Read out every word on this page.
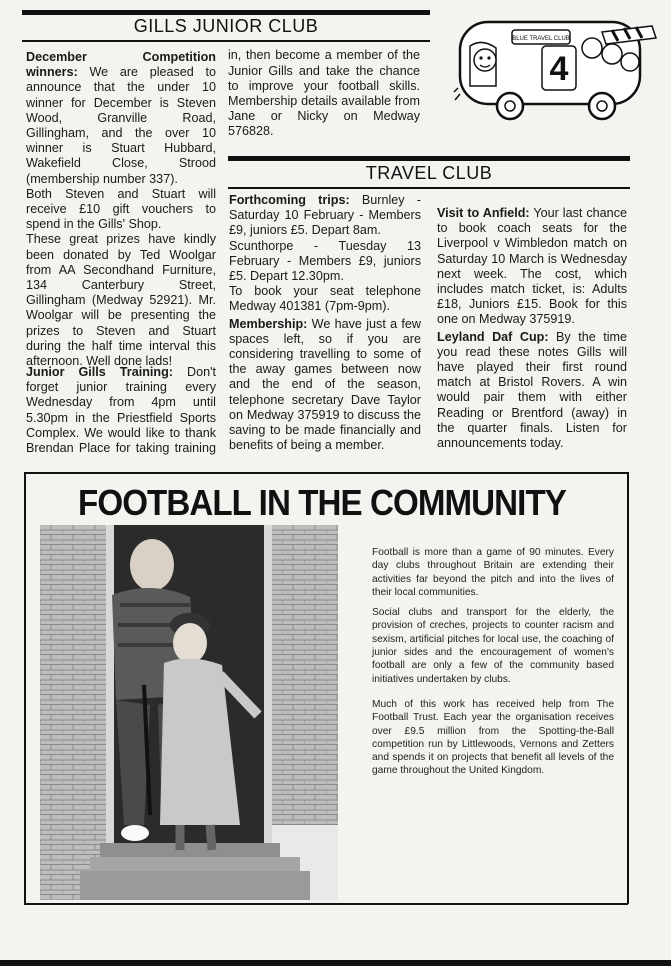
GILLS JUNIOR CLUB

December Competition winners: We are pleased to announce that the under 10 winner for December is Steven Wood, Granville Road, Gillingham, and the over 10 winner is Stuart Hubbard, Wakefield Close, Strood (membership number 337).

Both Steven and Stuart will receive £10 gift vouchers to spend in the Gills' Shop.

These great prizes have kindly been donated by Ted Woolgar from AA Secondhand Furniture, 134 Canterbury Street, Gillingham (Medway 52921). Mr. Woolgar will be presenting the prizes to Steven and Stuart during the half time interval this afternoon. Well done lads!

Junior Gills Training: Don't forget junior training every Wednesday from 4pm until 5.30pm in the Priestfield Sports Complex. We would like to thank Brendan Place for taking training

in, then become a member of the Junior Gills and take the chance to improve your football skills. Membership details available from Jane or Nicky on Medway 576828.

BLUE TRAVEL CLUB
4
TRAVEL CLUB

Forthcoming trips: Burnley - Saturday 10 February - Members £9, juniors £5. Depart 8am.

Scunthorpe - Tuesday 13 February - Members £9, juniors £5. Depart 12.30pm.

To book your seat telephone Medway 401381 (7pm-9pm).

Membership: We have just a few spaces left, so if you are considering travelling to some of the away games between now and the end of the season, telephone secretary Dave Taylor on Medway 375919 to discuss the saving to be made financially and benefits of being a member.

Visit to Anfield: Your last chance to book coach seats for the Liverpool v Wimbledon match on Saturday 10 March is Wednesday next week. The cost, which includes match ticket, is: Adults £18, Juniors £15. Book for this one on Medway 375919.

Leyland Daf Cup: By the time you read these notes Gills will have played their first round match at Bristol Rovers. A win would pair them with either Reading or Brentford (away) in the quarter finals. Listen for announcements today.

FOOTBALL IN THE COMMUNITY

Football is more than a game of 90 minutes. Every day clubs throughout Britain are extending their activities far beyond the pitch and into the lives of their local communities.

Social clubs and transport for the elderly, the provision of creches, projects to counter racism and sexism, artificial pitches for local use, the coaching of junior sides and the encouragement of women's football are only a few of the community based initiatives undertaken by clubs.

Much of this work has received help from The Football Trust. Each year the organisation receives over £9.5 million from the Spotting-the-Ball competition run by Littlewoods, Vernons and Zetters and spends it on projects that benefit all levels of the game throughout the United Kingdom.
